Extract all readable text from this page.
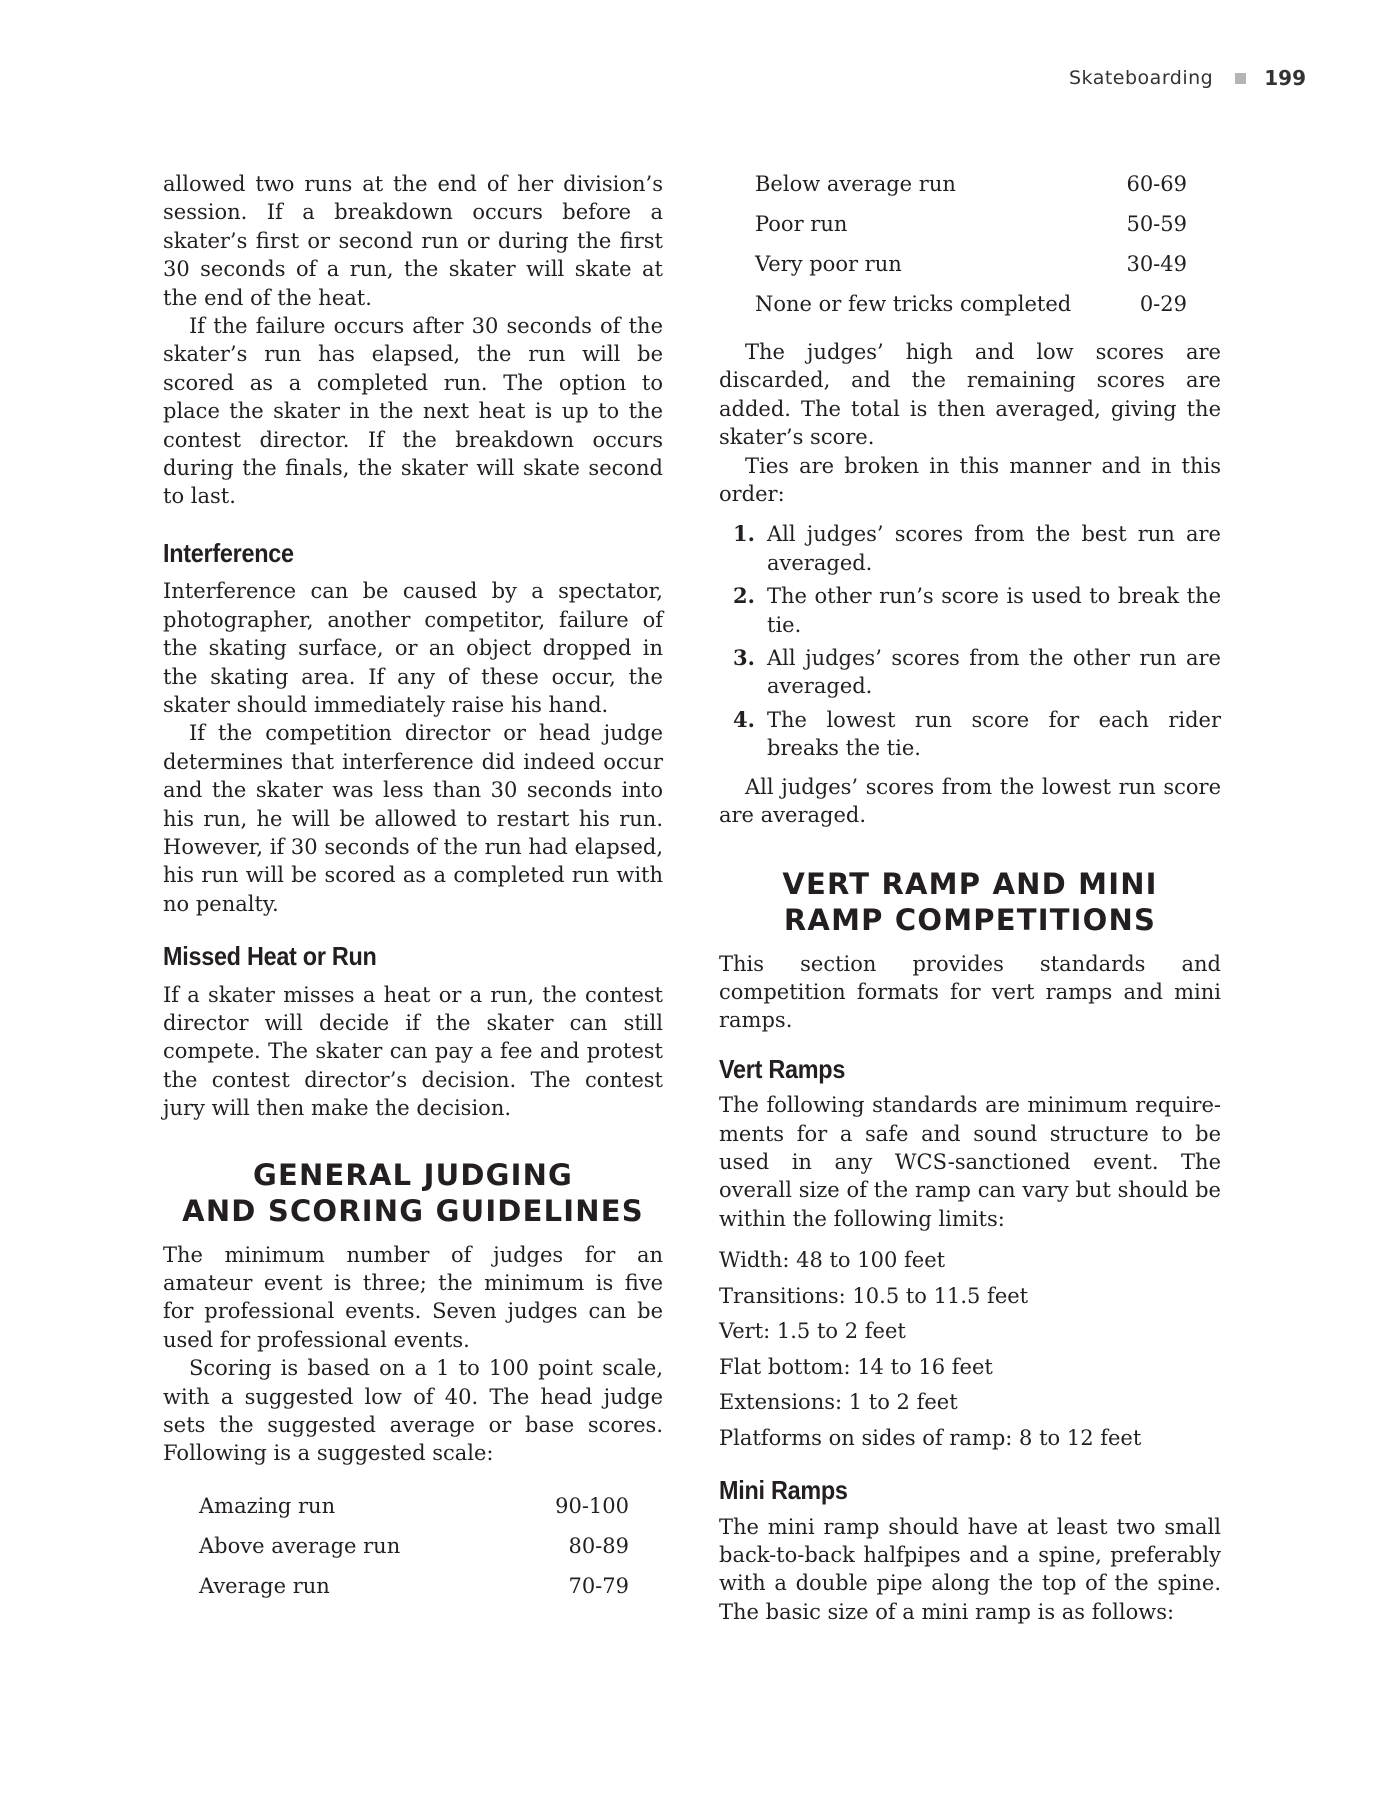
Skateboarding	199

allowed two runs at the end of her division’s session. If a breakdown occurs before a skater’s first or second run or during the first 30 seconds of a run, the skater will skate at the end of the heat.

If the failure occurs after 30 seconds of the skater’s run has elapsed, the run will be scored as a completed run. The option to place the skater in the next heat is up to the contest director. If the breakdown occurs during the finals, the skater will skate second to last.

Interference

Interference can be caused by a spectator, photographer, another competitor, failure of the skating surface, or an object dropped in the skating area. If any of these occur, the skater should immediately raise his hand.

If the competition director or head judge determines that interference did indeed occur and the skater was less than 30 seconds into his run, he will be allowed to restart his run. However, if 30 seconds of the run had elapsed, his run will be scored as a completed run with no penalty.

Missed Heat or Run

If a skater misses a heat or a run, the contest director will decide if the skater can still compete. The skater can pay a fee and protest the contest director’s decision. The contest jury will then make the decision.

GENERAL JUDGING
AND SCORING GUIDELINES

The minimum number of judges for an amateur event is three; the minimum is five for professional events. Seven judges can be used for professional events.

Scoring is based on a 1 to 100 point scale, with a suggested low of 40. The head judge sets the suggested average or base scores. Following is a suggested scale:

Amazing run	90-100
Above average run	80-89
Average run	70-79
Below average run	60-69
Poor run	50-59
Very poor run	30-49
None or few tricks completed	0-29

The judges’ high and low scores are discarded, and the remaining scores are added. The total is then averaged, giving the skater’s score.

Ties are broken in this manner and in this order:

1. All judges’ scores from the best run are averaged.
2. The other run’s score is used to break the tie.
3. All judges’ scores from the other run are averaged.
4. The lowest run score for each rider breaks the tie.

All judges’ scores from the lowest run score are averaged.

VERT RAMP AND MINI
RAMP COMPETITIONS

This section provides standards and competition formats for vert ramps and mini ramps.

Vert Ramps

The following standards are minimum requirements for a safe and sound structure to be used in any WCS-sanctioned event. The overall size of the ramp can vary but should be within the following limits:

Width: 48 to 100 feet
Transitions: 10.5 to 11.5 feet
Vert: 1.5 to 2 feet
Flat bottom: 14 to 16 feet
Extensions: 1 to 2 feet
Platforms on sides of ramp: 8 to 12 feet
Mini Ramps

The mini ramp should have at least two small back-to-back halfpipes and a spine, preferably with a double pipe along the top of the spine. The basic size of a mini ramp is as follows:
